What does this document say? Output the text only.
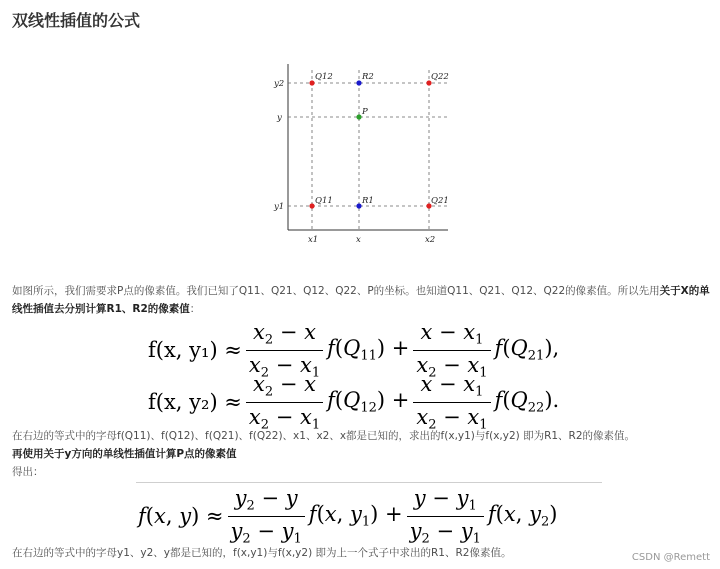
双线性插值的公式
Q12	R2	Q22
P
Q11	R1	Q21
y2
y
y1
x1	x	x2
如图所示，我们需要求P点的像素值。我们已知了Q11、Q21、Q12、Q22、P的坐标。也知道Q11、Q21、Q12、Q22的像素值。所以先用关于X的单线性插值去分别计算R1、R2的像素值：
f(x, $y_1) \approx \frac{x_2 - x}{x_2 - x_1} f(Q_{11}) + \frac{x - x_1}{x_2 - x_1} f(Q_{21})$,
f(x, $y_2) \approx \frac{x_2 - x}{x_2 - x_1} f(Q_{12}) + \frac{x - x_1}{x_2 - x_1} f(Q_{22})$.
在右边的等式中的字母f(Q11)、f(Q12)、f(Q21)、f(Q22)、x1、x2、x都是已知的，求出的f(x,y1)与f(x,y2) 即为R1、R2的像素值。
再使用关于y方向的单线性插值计算P点的像素值
得出：
f(x, $y) \approx \frac{y_2 - y}{y_2 - y_1} f(x$, $y_1) + \frac{y - y_1}{y_2 - y_1} f(x$, $y_2$)
在右边的等式中的字母y1、y2、y都是已知的，f(x,y1)与f(x,y2) 即为上一个式子中求出的R1、R2像素值。	CSDN @Remett
